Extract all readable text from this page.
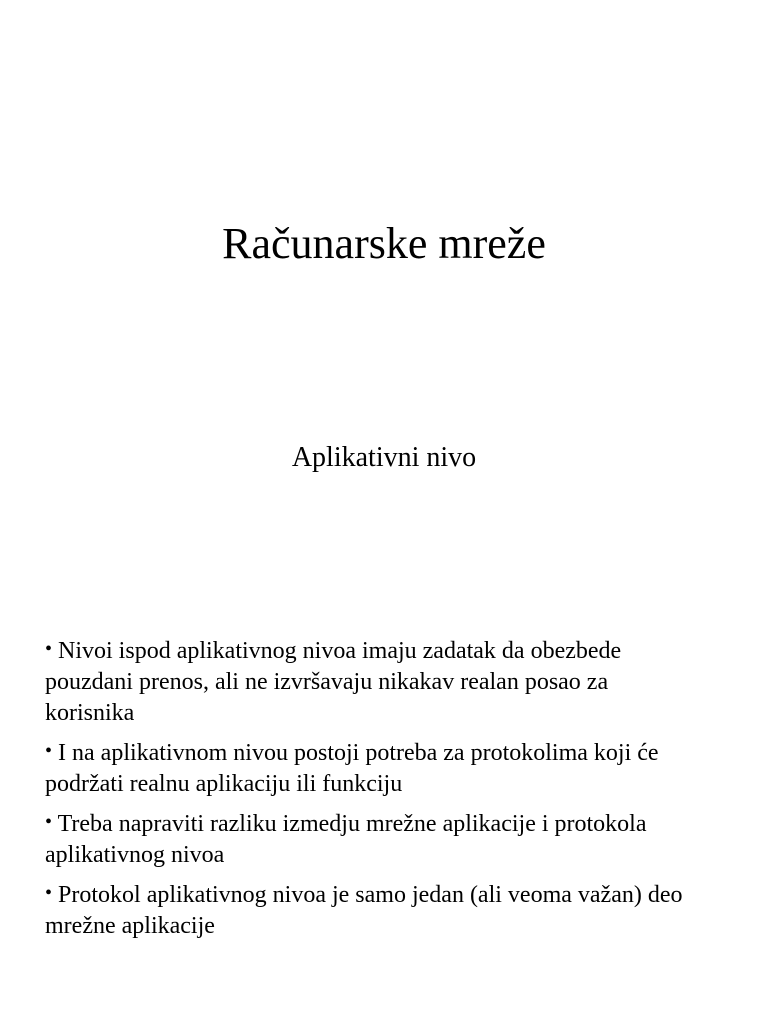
Računarske mreže
Aplikativni nivo
• Nivoi ispod aplikativnog nivoa imaju zadatak da obezbede pouzdani prenos, ali ne izvršavaju nikakav realan posao za korisnika
• I na aplikativnom nivou postoji potreba za protokolima koji će podržati realnu aplikaciju ili funkciju
• Treba napraviti razliku izmedju mrežne aplikacije i protokola aplikativnog nivoa
• Protokol aplikativnog nivoa je samo jedan (ali veoma važan) deo mrežne aplikacije
